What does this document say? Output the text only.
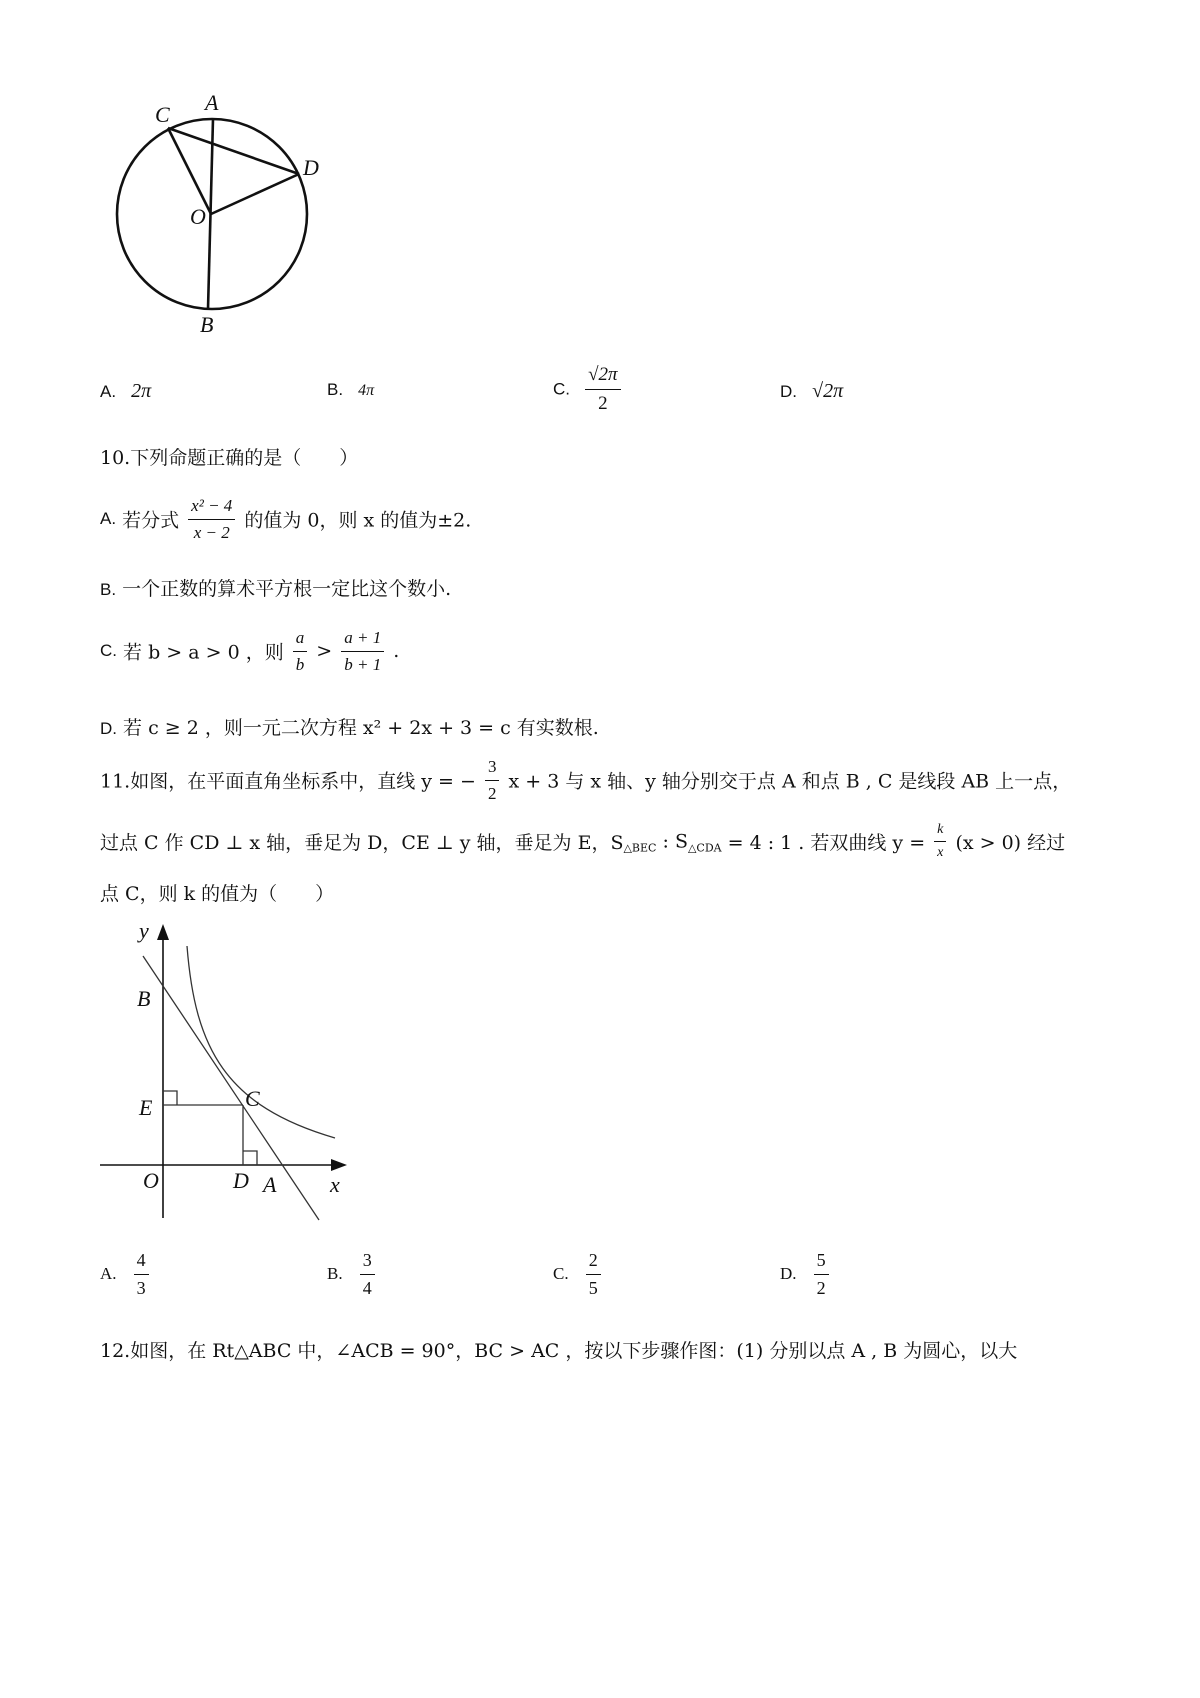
A
C
D
O
B
A. 2π	B. 4π	C. $\frac{√2\pi}{2}$	D. √2π
10.下列命题正确的是（　　）
A. 若分式 $\frac{\text{x² − 4}}{x - 2}$ 的值为 0，则 x 的值为±2.
B. 一个正数的算术平方根一定比这个数小.
C. 若 b > a > 0 ，则 $\frac{a}{b} > \frac{a + 1}{b + 1}$ .
D. 若 c ≥ 2 ，则一元二次方程 x² + 2x + 3 = c 有实数根.
11.如图，在平面直角坐标系中，直线 y = − $\frac{3}{2}$ x + 3 与 x 轴、y 轴分别交于点 A 和点 B , C 是线段 AB 上一点，
过点 C 作 CD ⊥ x 轴，垂足为 D，CE ⊥ y 轴，垂足为 E，$S_{\triangle BEC}$ : $S_{\triangle CDA} = 4$ : 1 . 若双曲线 $y = \frac{k}{x} (x > 0)$ 经过
点 C，则 k 的值为（　　）
y
B
E	C
O	D A x
A. $\frac{4}{3}$	B. $\frac{3}{4}$	C. $\frac{2}{5}$	D. $\frac{5}{2}$
12.如图，在 Rt△ABC 中，∠ACB = 90°，BC > AC ，按以下步骤作图：(1) 分别以点 A , B 为圆心，以大
